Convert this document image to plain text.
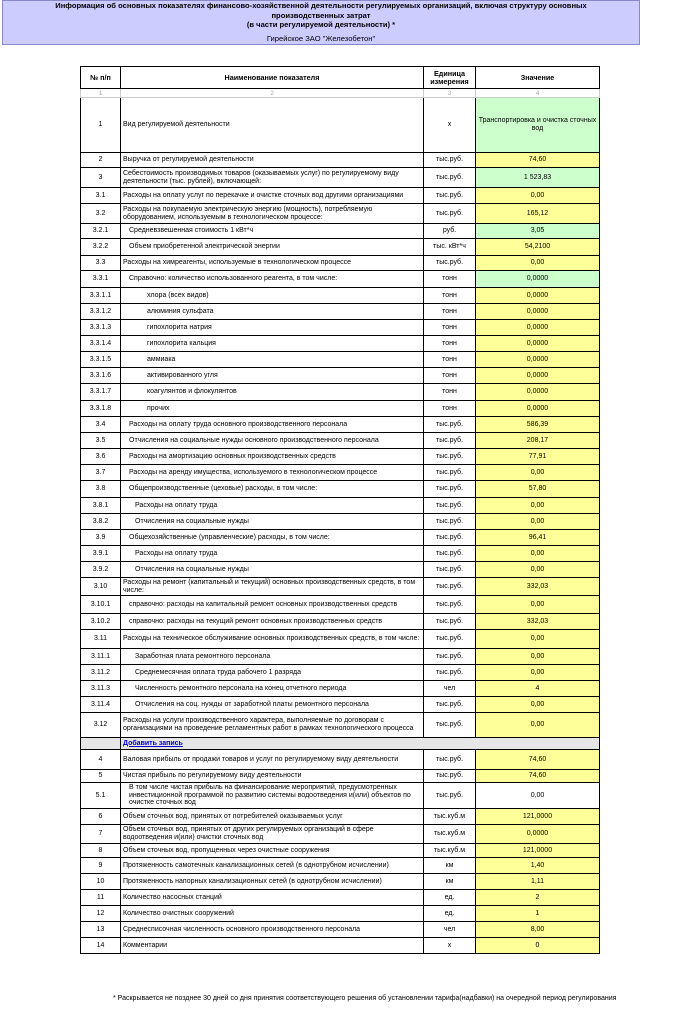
Информация об основных показателях финансово-хозяйственной деятельности регулируемых организаций, включая структуру основных
производственных затрат
(в части регулируемой деятельности) *
Гирейское ЗАО "Железобетон"
№ п/п	Наименование показателя	Единица измерения	Значение
1	2	3	4
1	Вид регулируемой деятельности	х	Транспортировка и очистка сточных вод
2	Выручка от регулируемой деятельности	тыс.руб.	74,60
3	Себестоимость производимых товаров (оказываемых услуг) по регулируемому виду деятельности (тыс. рублей), включающей:	тыс.руб.	1 523,83
3.1	Расходы на оплату услуг по перекачке и очистке сточных вод другими организациями	тыс.руб.	0,00
3.2	Расходы на покупаемую электрическую энергию (мощность), потребляемую оборудованием, используемым в технологическом процессе:	тыс.руб.	165,12
3.2.1	Средневзвешенная стоимость 1 кВт*ч	руб.	3,05
3.2.2	Объем приобретенной электрической энергии	тыс. кВт*ч	54,2100
3.3	Расходы на химреагенты, используемые в технологическом процессе	тыс.руб.	0,00
3.3.1	Справочно: количество использованного реагента, в том числе:	тонн	0,0000
3.3.1.1	хлора (всех видов)	тонн	0,0000
3.3.1.2	алюминия сульфата	тонн	0,0000
3.3.1.3	гипохлорита натрия	тонн	0,0000
3.3.1.4	гипохлорита кальция	тонн	0,0000
3.3.1.5	аммиака	тонн	0,0000
3.3.1.6	активированного угля	тонн	0,0000
3.3.1.7	коагулянтов и флокулянтов	тонн	0,0000
3.3.1.8	прочих	тонн	0,0000
3.4	Расходы на оплату труда основного производственного персонала	тыс.руб.	586,39
3.5	Отчисления на социальные нужды основного производственного персонала	тыс.руб.	208,17
3.6	Расходы на амортизацию основных производственных средств	тыс.руб.	77,91
3.7	Расходы на аренду имущества, используемого в технологическом процессе	тыс.руб.	0,00
3.8	Общепроизводственные (цеховые) расходы, в том числе:	тыс.руб.	57,80
3.8.1	Расходы на оплату труда	тыс.руб.	0,00
3.8.2	Отчисления на социальные нужды	тыс.руб.	0,00
3.9	Общехозяйственные (управленческие) расходы, в том числе:	тыс.руб.	96,41
3.9.1	Расходы на оплату труда	тыс.руб.	0,00
3.9.2	Отчисления на социальные нужды	тыс.руб.	0,00
3.10	Расходы на ремонт (капитальный и текущий) основных производственных средств, в том числе:	тыс.руб.	332,03
3.10.1	справочно: расходы на капитальный ремонт основных производственных средств	тыс.руб.	0,00
3.10.2	справочно: расходы на текущий ремонт основных производственных средств	тыс.руб.	332,03
3.11	Расходы на техническое обслуживание основных производственных средств, в том числе:	тыс.руб.	0,00
3.11.1	Заработная плата ремонтного персонала	тыс.руб.	0,00
3.11.2	Среднемесячная оплата труда рабочего 1 разряда	тыс.руб.	0,00
3.11.3	Численность ремонтного персонала на конец отчетного периода	чел	4
3.11.4	Отчисления на соц. нужды от заработной платы ремонтного персонала	тыс.руб.	0,00
3.12	Расходы на услуги производственного характера, выполняемые по договорам с организациями на проведение регламентных работ в рамках технологического процесса	тыс.руб.	0,00
	Добавить запись		
4	Валовая прибыль от продажи товаров и услуг по регулируемому виду деятельности	тыс.руб.	74,60
5	Чистая прибыль по регулируемому виду деятельности	тыс.руб.	74,60
5.1	В том числе чистая прибыль на финансирование мероприятий, предусмотренных инвестиционной программой по развитию системы водоотведения и(или) объектов по очистке сточных вод	тыс.руб.	0,00
6	Объем сточных вод, принятых от потребителей оказываемых услуг	тыс.куб.м	121,0000
7	Объем сточных вод, принятых от других регулируемых организаций в сфере водоотведения и(или) очистки сточных вод	тыс.куб.м	0,0000
8	Объем сточных вод, пропущенных через очистные сооружения	тыс.куб.м	121,0000
9	Протяженность самотечных канализационных сетей (в однотрубном исчислении)	км	1,40
10	Протяженность напорных канализационных сетей (в однотрубном исчислении)	км	1,11
11	Количество насосных станций	ед.	2
12	Количество очистных сооружений	ед.	1
13	Среднесписочная численность основного производственного персонала	чел	8,00
14	Комментарии	х	0
* Раскрывается не позднее 30 дней со дня принятия соответствующего решения об установлении тарифа(надбавки) на очередной период регулирования
